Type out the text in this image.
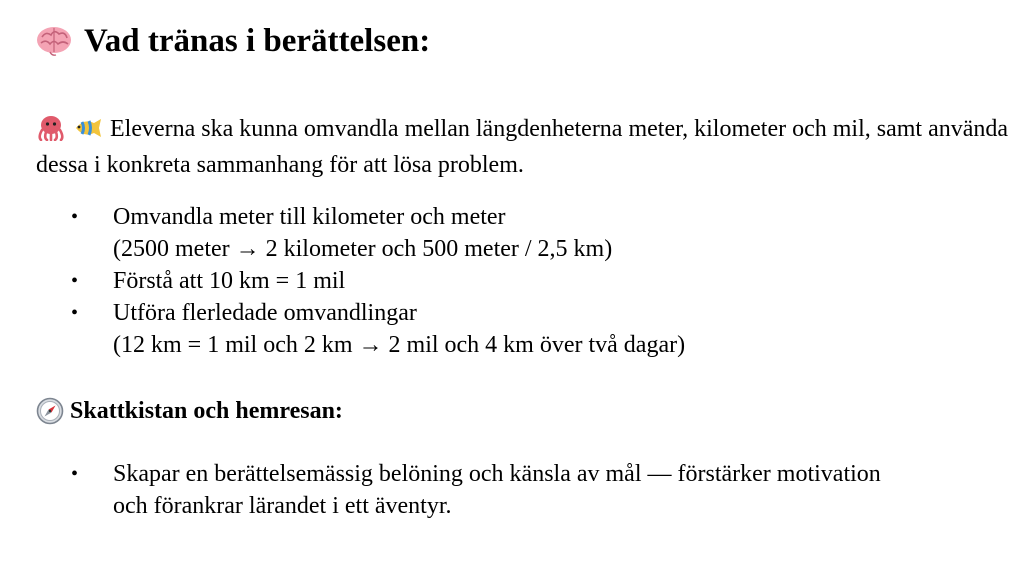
Vad tränas i berättelsen:

Eleverna ska kunna omvandla mellan längdenheterna meter, kilometer och mil, samt använda dessa i konkreta sammanhang för att lösa problem.

• Omvandla meter till kilometer och meter
(2500 meter → 2 kilometer och 500 meter / 2,5 km)
• Förstå att 10 km = 1 mil
• Utföra flerledade omvandlingar
(12 km = 1 mil och 2 km → 2 mil och 4 km över två dagar)
Skattkistan och hemresan:
• Skapar en berättelsemässig belöning och känsla av mål — förstärker motivation
och förankrar lärandet i ett äventyr.
